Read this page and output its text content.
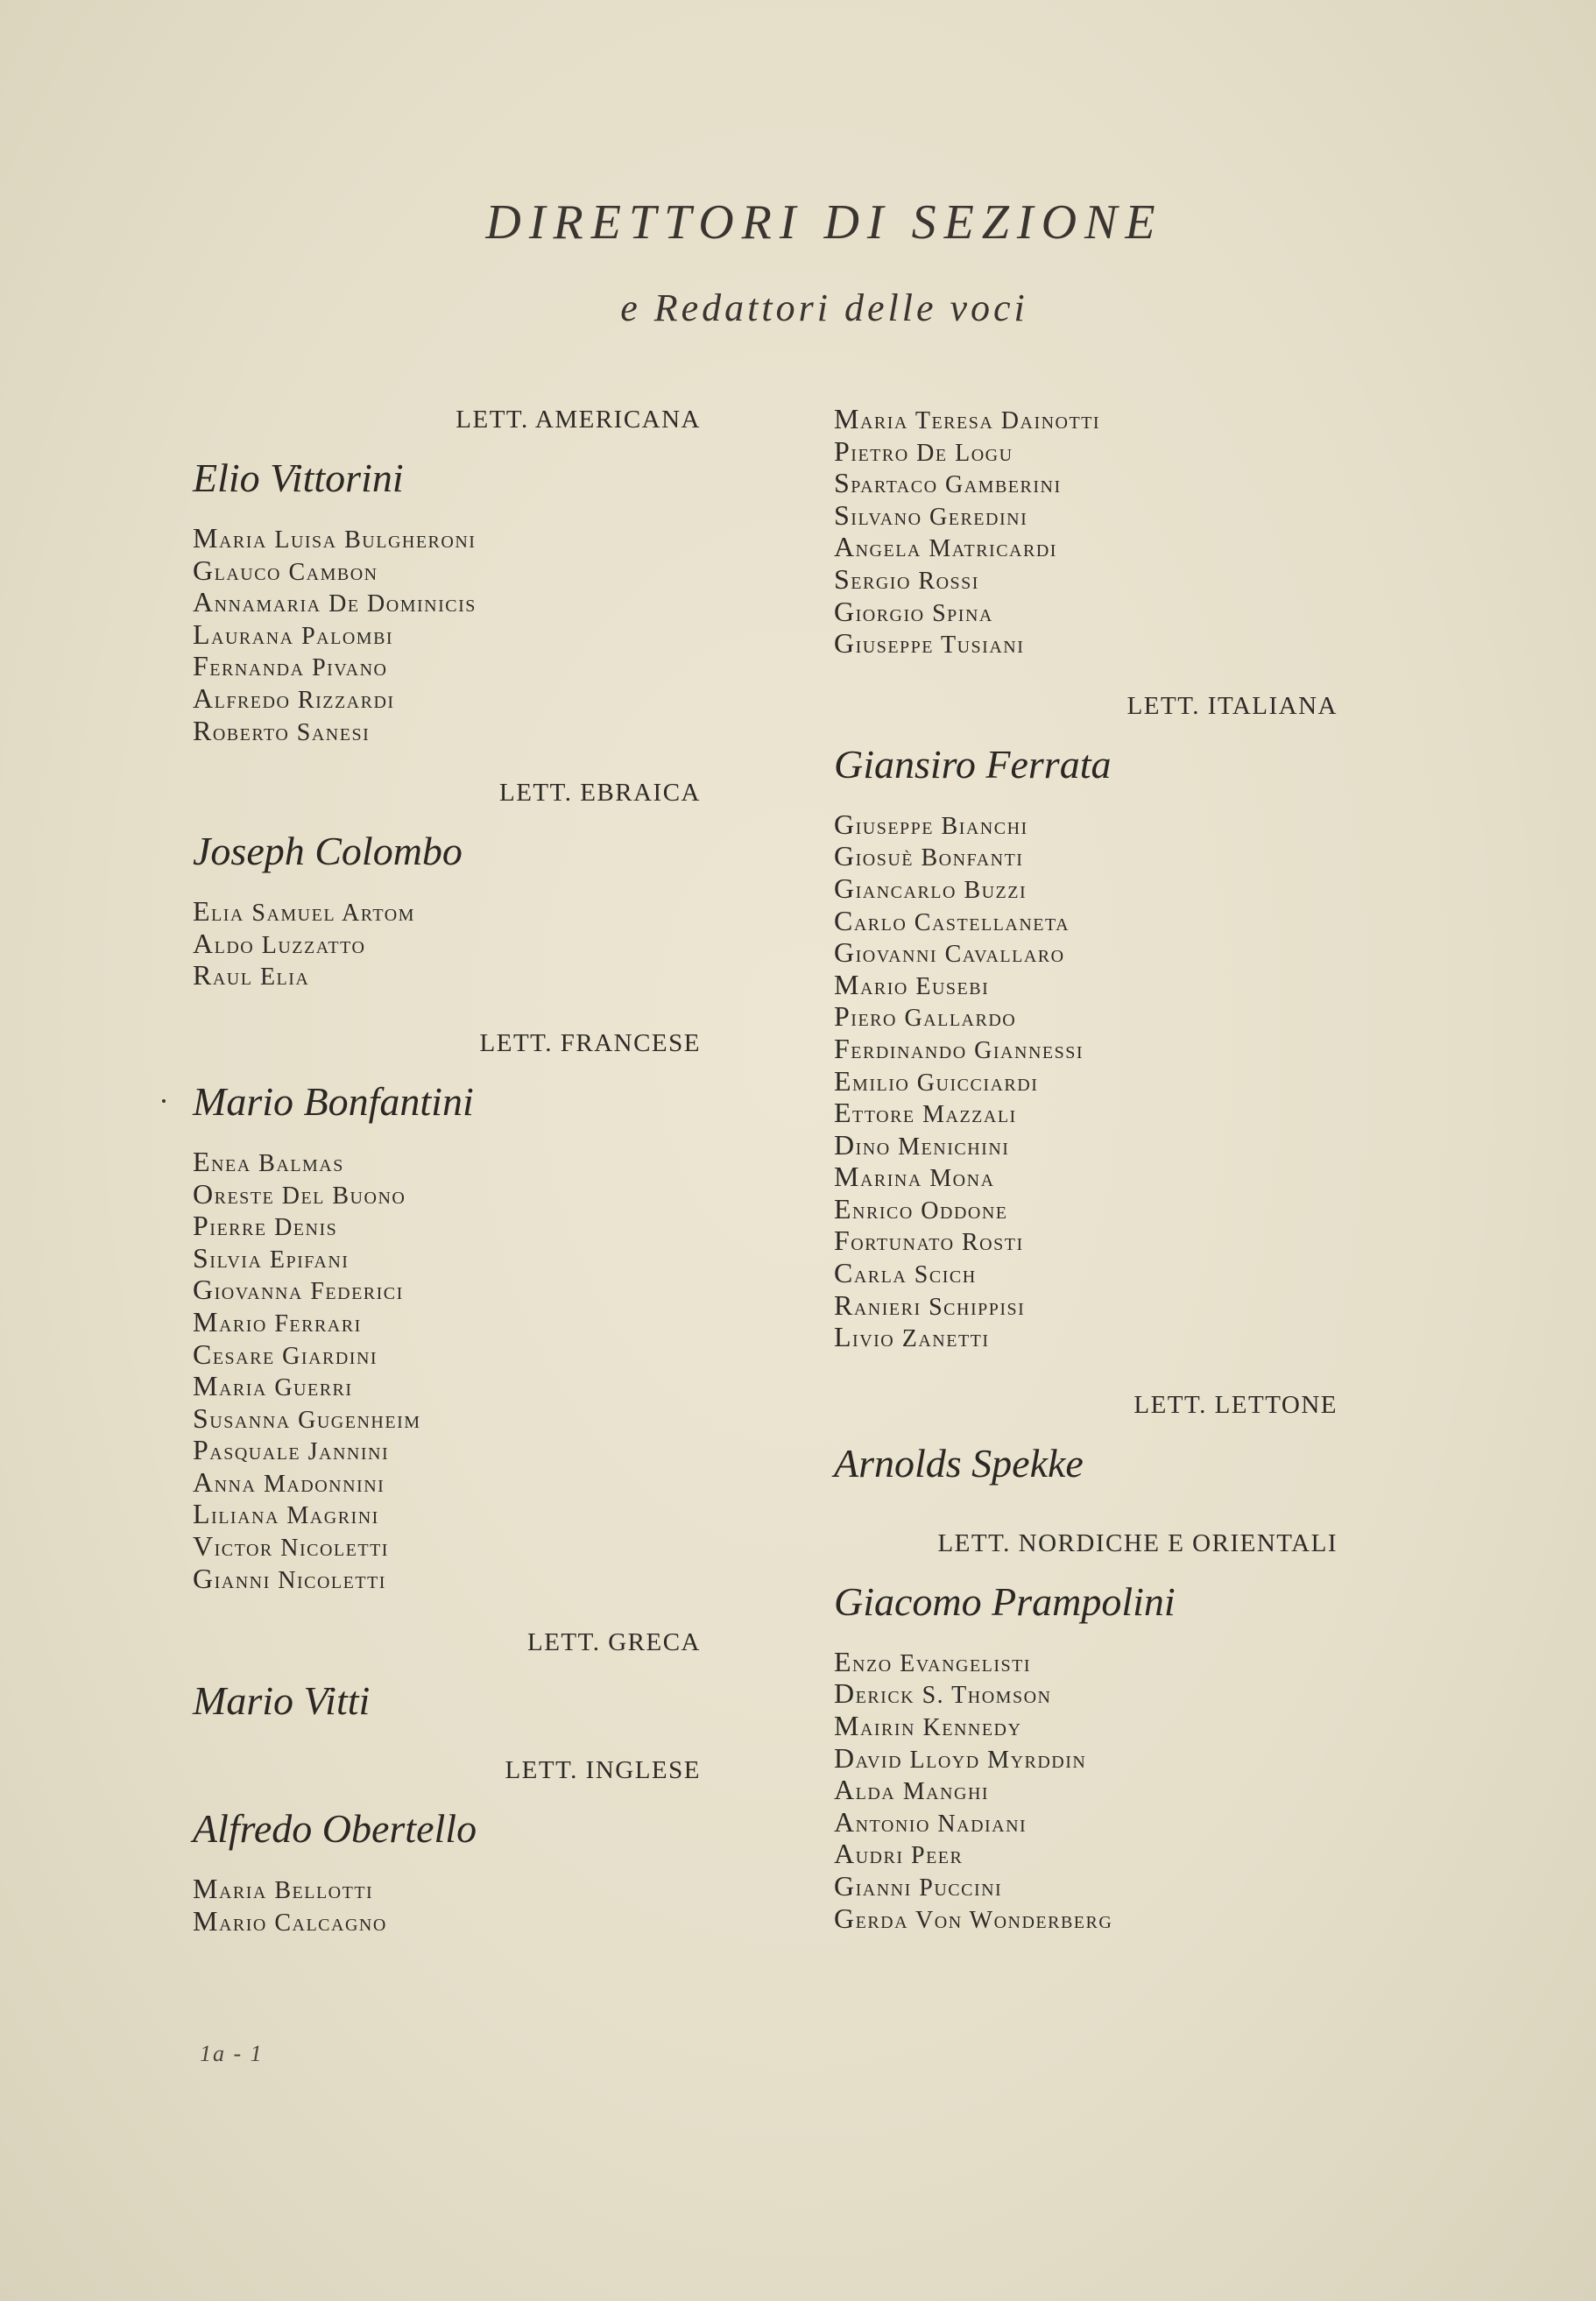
DIRETTORI DI SEZIONE
e Redattori delle voci
LETT. AMERICANA
Elio Vittorini
Maria Luisa Bulgheroni
Glauco Cambon
Annamaria De Dominicis
Laurana Palombi
Fernanda Pivano
Alfredo Rizzardi
Roberto Sanesi
LETT. EBRAICA
Joseph Colombo
Elia Samuel Artom
Aldo Luzzatto
Raul Elia
LETT. FRANCESE
Mario Bonfantini
Enea Balmas
Oreste Del Buono
Pierre Denis
Silvia Epifani
Giovanna Federici
Mario Ferrari
Cesare Giardini
Maria Guerri
Susanna Gugenheim
Pasquale Jannini
Anna Madonnini
Liliana Magrini
Victor Nicoletti
Gianni Nicoletti
LETT. GRECA
Mario Vitti
LETT. INGLESE
Alfredo Obertello
Maria Bellotti
Mario Calcagno
Maria Teresa Dainotti
Pietro De Logu
Spartaco Gamberini
Silvano Geredini
Angela Matricardi
Sergio Rossi
Giorgio Spina
Giuseppe Tusiani
LETT. ITALIANA
Giansiro Ferrata
Giuseppe Bianchi
Giosuè Bonfanti
Giancarlo Buzzi
Carlo Castellaneta
Giovanni Cavallaro
Mario Eusebi
Piero Gallardo
Ferdinando Giannessi
Emilio Guicciardi
Ettore Mazzali
Dino Menichini
Marina Mona
Enrico Oddone
Fortunato Rosti
Carla Scich
Ranieri Schippisi
Livio Zanetti
LETT. LETTONE
Arnolds Spekke
LETT. NORDICHE E ORIENTALI
Giacomo Prampolini
Enzo Evangelisti
Derick S. Thomson
Mairin Kennedy
David Lloyd Myrddin
Alda Manghi
Antonio Nadiani
Audri Peer
Gianni Puccini
Gerda Von Wonderberg
1a - 1
